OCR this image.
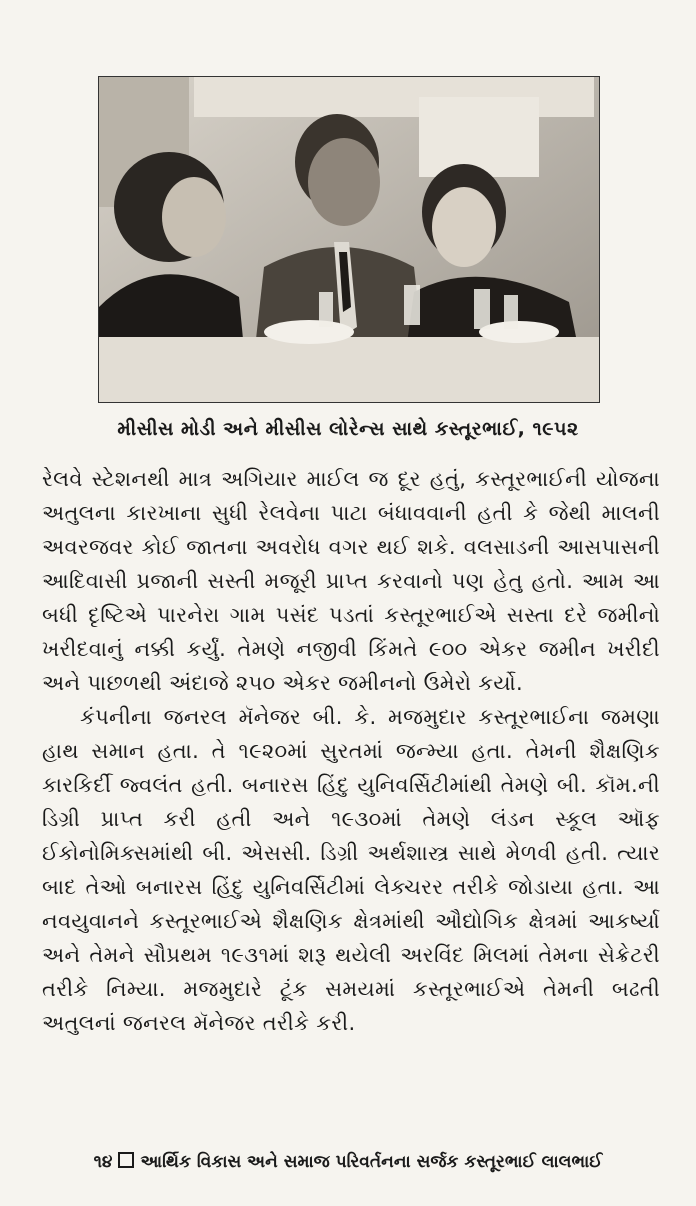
મીસીસ મોડી અને મીસીસ લોરેન્સ સાથે કસ્તૂરભાઈ, ૧૯૫૨

રેલવે સ્ટેશનથી માત્ર અગિયાર માઈલ જ દૂર હતું, કસ્તૂરભાઈની યોજના અતુલના કારખાના સુધી રેલવેના પાટા બંધાવવાની હતી કે જેથી માલની અવરજવર કોઈ જાતના અવરોધ વગર થઈ શકે. વલસાડની આસપાસની આદિવાસી પ્રજાની સસ્તી મજૂરી પ્રાપ્ત કરવાનો પણ હેતુ હતો. આમ આ બધી દૃષ્ટિએ પારનેરા ગામ પસંદ પડતાં કસ્તૂરભાઈએ સસ્તા દરે જમીનો ખરીદવાનું નક્કી કર્યું. તેમણે નજીવી કિંમતે ૯૦૦ એકર જમીન ખરીદી અને પાછળથી અંદાજે ૨૫૦ એકર જમીનનો ઉમેરો કર્યો.

કંપનીના જનરલ મૅનેજર બી. કે. મજમુદાર કસ્તૂરભાઈના જમણા હાથ સમાન હતા. તે ૧૯૨૦માં સુરતમાં જન્મ્યા હતા. તેમની શૈક્ષણિક કારકિર્દી જ્વલંત હતી. બનારસ હિંદુ યુનિવર્સિટીમાંથી તેમણે બી. કૉમ.ની ડિગ્રી પ્રાપ્ત કરી હતી અને ૧૯૩૦માં તેમણે લંડન સ્કૂલ ઑફ ઈકોનોમિક્સમાંથી બી. એસસી. ડિગ્રી અર્થશાસ્ત્ર સાથે મેળવી હતી. ત્યાર બાદ તેઓ બનારસ હિંદુ યુનિવર્સિટીમાં લેક્ચરર તરીકે જોડાયા હતા. આ નવયુવાનને કસ્તૂરભાઈએ શૈક્ષણિક ક્ષેત્રમાંથી ઔદ્યોગિક ક્ષેત્રમાં આકર્ષ્યા અને તેમને સૌપ્રથમ ૧૯૩૧માં શરૂ થયેલી અરવિંદ મિલમાં તેમના સેક્રેટરી તરીકે નિમ્યા. મજમુદારે ટૂંક સમયમાં કસ્તૂરભાઈએ તેમની બઢતી અતુલનાં જનરલ મૅનેજર તરીકે કરી.

૧૪ આર્થિક વિકાસ અને સમાજ પરિવર્તનના સર્જક કસ્તૂરભાઈ લાલભાઈ
